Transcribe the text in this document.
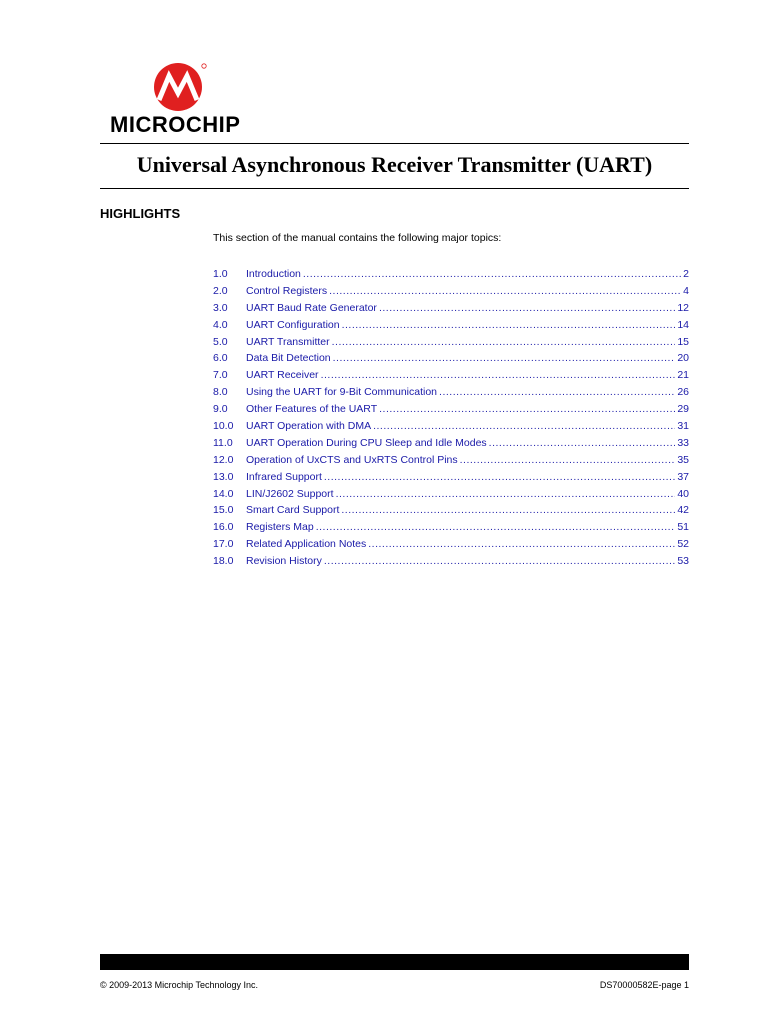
MICROCHIP
Universal Asynchronous Receiver Transmitter (UART)
HIGHLIGHTS
This section of the manual contains the following major topics:
1.0	Introduction .....	2
2.0	Control Registers .....	4
3.0	UART Baud Rate Generator .....	12
4.0	UART Configuration .....	14
5.0	UART Transmitter .....	15
6.0	Data Bit Detection .....	20
7.0	UART Receiver .....	21
8.0	Using the UART for 9-Bit Communication .....	26
9.0	Other Features of the UART .....	29
10.0	UART Operation with DMA .....	31
11.0	UART Operation During CPU Sleep and Idle Modes .....	33
12.0	Operation of UxCTS and UxRTS Control Pins .....	35
13.0	Infrared Support .....	37
14.0	LIN/J2602 Support .....	40
15.0	Smart Card Support .....	42
16.0	Registers Map .....	51
17.0	Related Application Notes .....	52
18.0	Revision History .....	53
© 2009-2013 Microchip Technology Inc.	DS70000582E-page 1
